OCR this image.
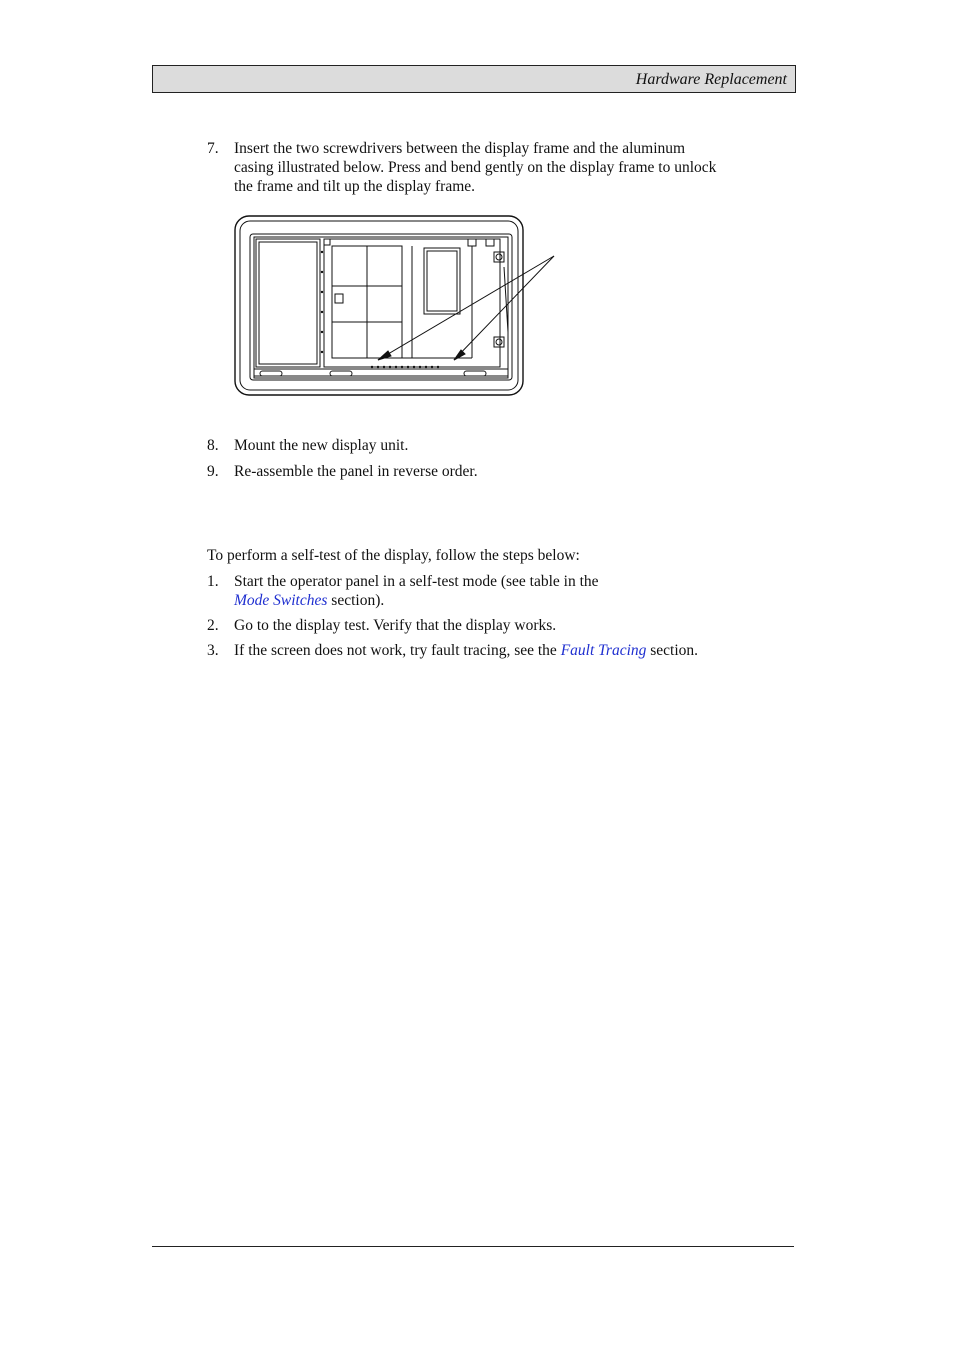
Hardware Replacement
7. Insert the two screwdrivers between the display frame and the aluminum
casing illustrated below. Press and bend gently on the display frame to unlock
the frame and tilt up the display frame.
8. Mount the new display unit.
9. Re-assemble the panel in reverse order.
To perform a self-test of the display, follow the steps below:
1. Start the operator panel in a self-test mode (see table in the
Mode Switches section).
2. Go to the display test. Verify that the display works.
3. If the screen does not work, try fault tracing, see the Fault Tracing section.
